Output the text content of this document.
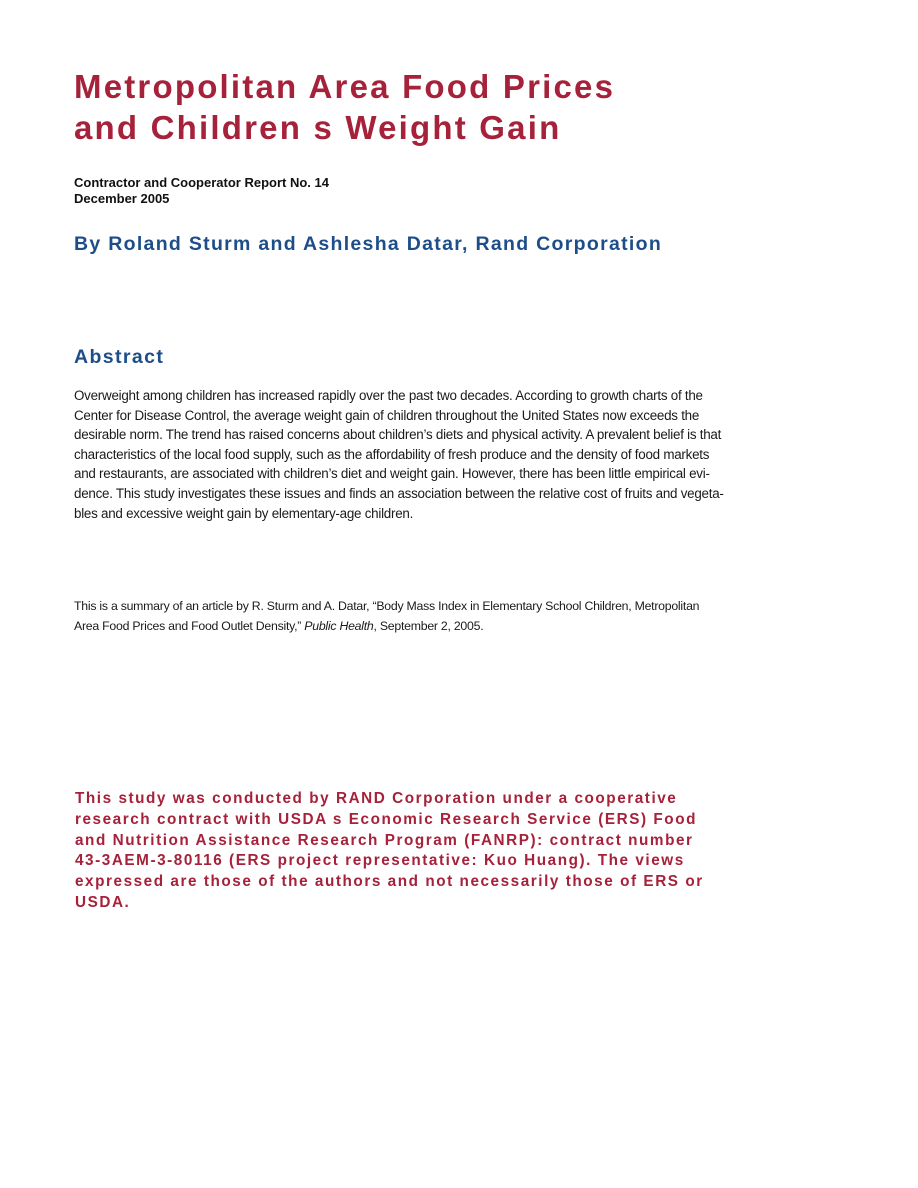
Metropolitan Area Food Prices
and Children s Weight Gain
Contractor and Cooperator Report No. 14
December 2005
By Roland Sturm and Ashlesha Datar, Rand Corporation
Abstract

Overweight among children has increased rapidly over the past two decades. According to growth charts of the
Center for Disease Control, the average weight gain of children throughout the United States now exceeds the
desirable norm. The trend has raised concerns about children’s diets and physical activity. A prevalent belief is that
characteristics of the local food supply, such as the affordability of fresh produce and the density of food markets
and restaurants, are associated with children’s diet and weight gain. However, there has been little empirical evi-
dence. This study investigates these issues and finds an association between the relative cost of fruits and vegeta-
bles and excessive weight gain by elementary-age children.

This is a summary of an article by R. Sturm and A. Datar, “Body Mass Index in Elementary School Children, Metropolitan
Area Food Prices and Food Outlet Density,” Public Health, September 2, 2005.

This study was conducted by RAND Corporation under a cooperative
research contract with USDA s Economic Research Service (ERS) Food
and Nutrition Assistance Research Program (FANRP): contract number
43-3AEM-3-80116 (ERS project representative: Kuo Huang). The views
expressed are those of the authors and not necessarily those of ERS or
USDA.
